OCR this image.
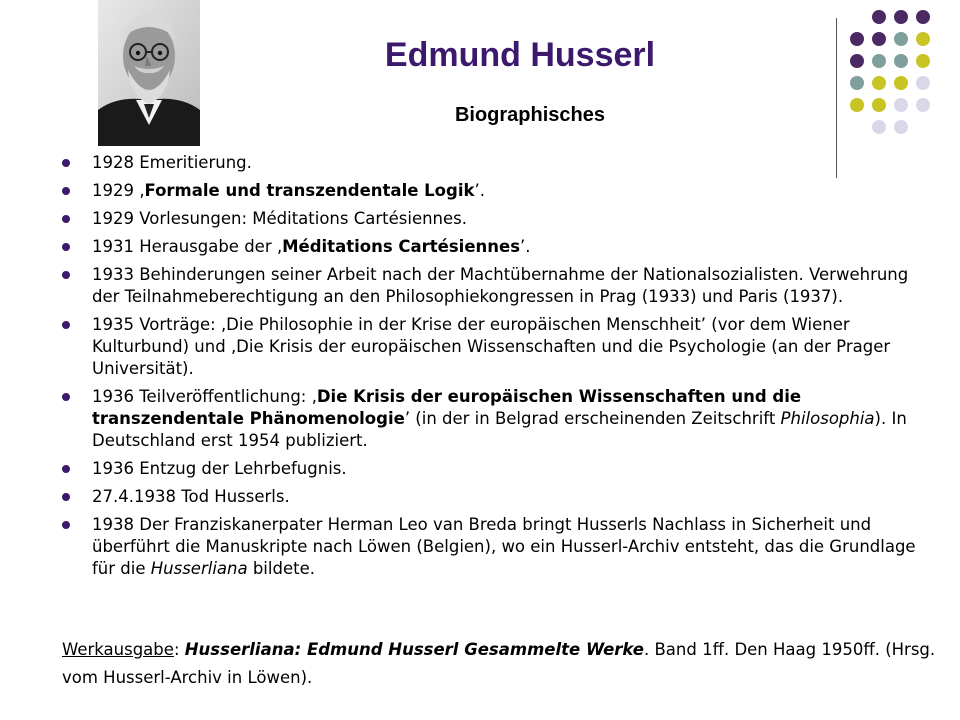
Edmund Husserl
Biographisches
1928 Emeritierung.
1929 ‚Formale und transzendentale Logik’.
1929 Vorlesungen: Méditations Cartésiennes.
1931 Herausgabe der ‚Méditations Cartésiennes’.
1933 Behinderungen seiner Arbeit nach der Machtübernahme der Nationalsozialisten. Verwehrung der Teilnahmeberechtigung an den Philosophiekongressen in Prag (1933) und Paris (1937).
1935 Vorträge: ‚Die Philosophie in der Krise der europäischen Menschheit’ (vor dem Wiener Kulturbund) und ‚Die Krisis der europäischen Wissenschaften und die Psychologie (an der Prager Universität).
1936 Teilveröffentlichung: ‚Die Krisis der europäischen Wissenschaften und die transzendentale Phänomenologie’ (in der in Belgrad erscheinenden Zeitschrift Philosophia). In Deutschland erst 1954 publiziert.
1936 Entzug der Lehrbefugnis.
27.4.1938 Tod Husserls.
1938 Der Franziskanerpater Herman Leo van Breda bringt Husserls Nachlass in Sicherheit und überführt die Manuskripte nach Löwen (Belgien), wo ein Husserl-Archiv entsteht, das die Grundlage für die Husserliana bildete.

Werkausgabe: Husserliana: Edmund Husserl Gesammelte Werke. Band 1ff. Den Haag 1950ff. (Hrsg. vom Husserl-Archiv in Löwen).
